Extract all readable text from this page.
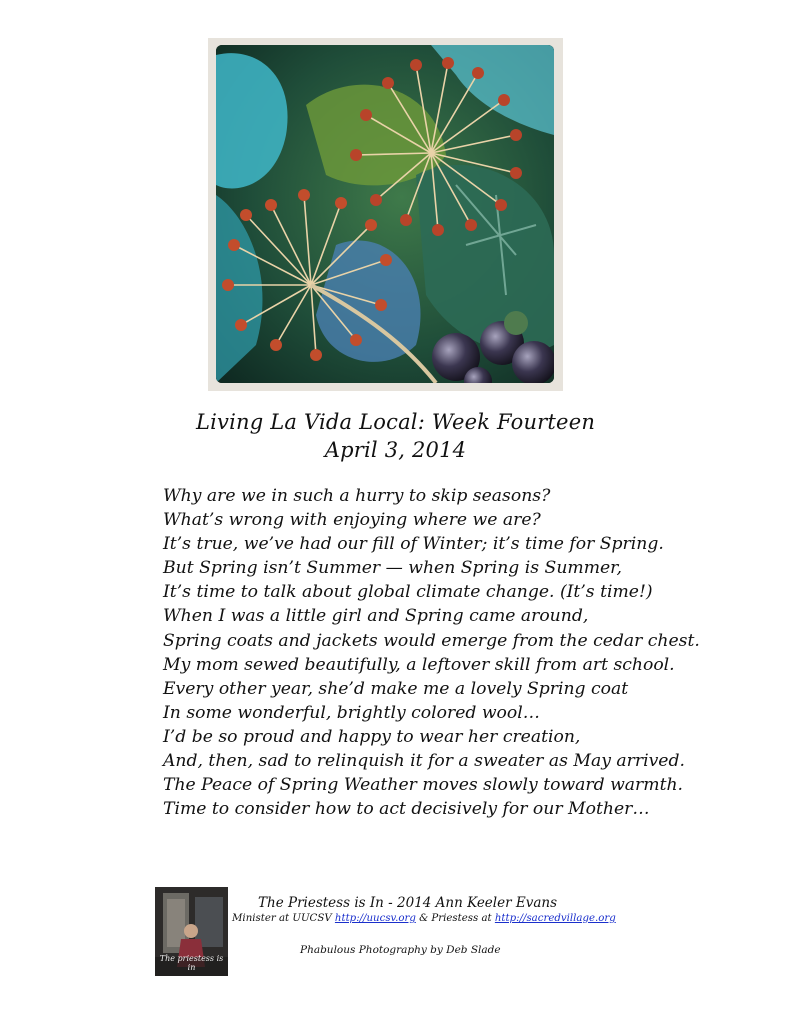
Living La Vida Local: Week Fourteen
April 3, 2014
Why are we in such a hurry to skip seasons?
What’s wrong with enjoying where we are?
It’s true, we’ve had our fill of Winter; it’s time for Spring.
But Spring isn’t Summer — when Spring is Summer,
It’s time to talk about global climate change. (It’s time!)
When I was a little girl and Spring came around,
Spring coats and jackets would emerge from the cedar chest.
My mom sewed beautifully, a leftover skill from art school.
Every other year, she’d make me a lovely Spring coat
In some wonderful, brightly colored wool…
I’d be so proud and happy to wear her creation,
And, then, sad to relinquish it for a sweater as May arrived.
The Peace of Spring Weather moves slowly toward warmth.
Time to consider how to act decisively for our Mother…
The priestess is in
The Priestess is In - 2014 Ann Keeler Evans
Minister at UUCSV http://uucsv.org & Priestess at http://sacredvillage.org
Phabulous Photography by Deb Slade
